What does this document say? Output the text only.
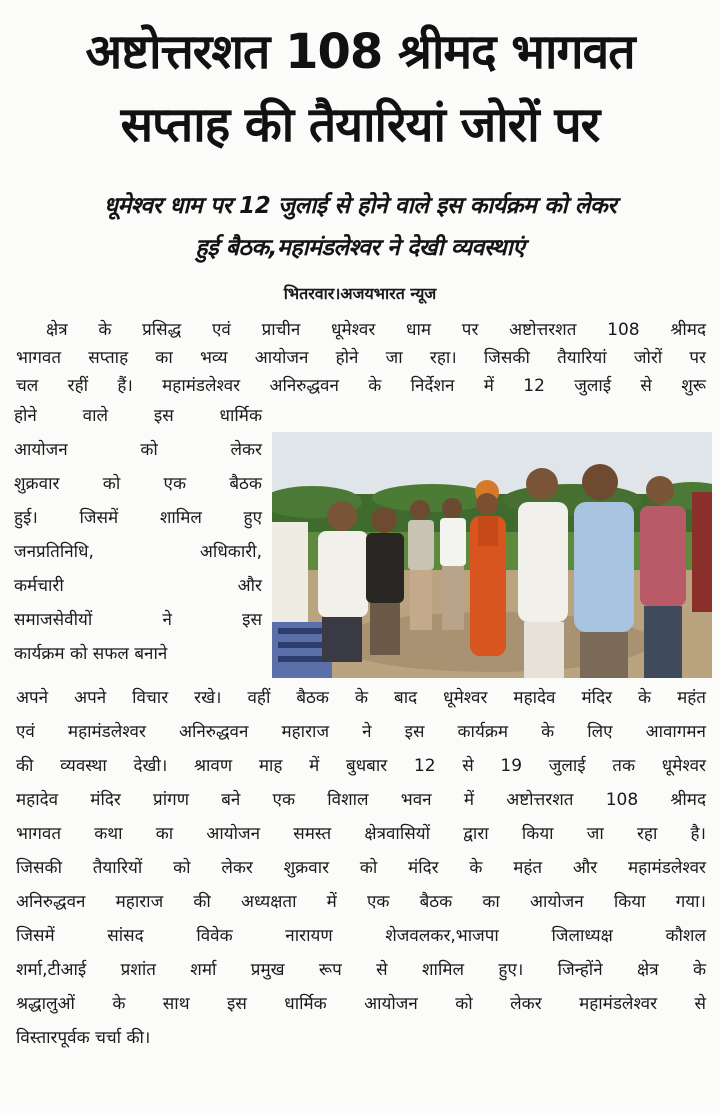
अष्टोत्तरशत 108 श्रीमद भागवत
सप्ताह की तैयारियां जोरों पर
धूमेश्वर धाम पर 12 जुलाई से होने वाले इस कार्यक्रम को लेकर
हुई बैठक,महामंडलेश्वर ने देखी व्यवस्थाएं
भितरवार।अजयभारत न्यूज
क्षेत्र के प्रसिद्ध एवं प्राचीन धूमेश्वर धाम पर अष्टोत्तरशत 108 श्रीमद
भागवत सप्ताह का भव्य आयोजन होने जा रहा। जिसकी तैयारियां जोरों पर
चल रहीं हैं। महामंडलेश्वर अनिरुद्धवन के निर्देशन में 12 जुलाई से शुरू
होने वाले इस धार्मिक
आयोजन को लेकर
शुक्रवार को एक बैठक
हुई। जिसमें शामिल हुए
जनप्रतिनिधि, अधिकारी,
कर्मचारी और
समाजसेवीयों ने इस
कार्यक्रम को सफल बनाने
अपने अपने विचार रखे। वहीं बैठक के बाद धूमेश्वर महादेव मंदिर के महंत
एवं महामंडलेश्वर अनिरुद्धवन महाराज ने इस कार्यक्रम के लिए आवागमन
की व्यवस्था देखी। श्रावण माह में बुधबार 12 से 19 जुलाई तक धूमेश्वर
महादेव मंदिर प्रांगण बने एक विशाल भवन में अष्टोत्तरशत 108 श्रीमद
भागवत कथा का आयोजन समस्त क्षेत्रवासियों द्वारा किया जा रहा है।
जिसकी तैयारियों को लेकर शुक्रवार को मंदिर के महंत और महामंडलेश्वर
अनिरुद्धवन महाराज की अध्यक्षता में एक बैठक का आयोजन किया गया।
जिसमें सांसद विवेक नारायण शेजवलकर,भाजपा जिलाध्यक्ष कौशल
शर्मा,टीआई प्रशांत शर्मा प्रमुख रूप से शामिल हुए। जिन्होंने क्षेत्र के
श्रद्धालुओं के साथ इस धार्मिक आयोजन को लेकर महामंडलेश्वर से
विस्तारपूर्वक चर्चा की।
